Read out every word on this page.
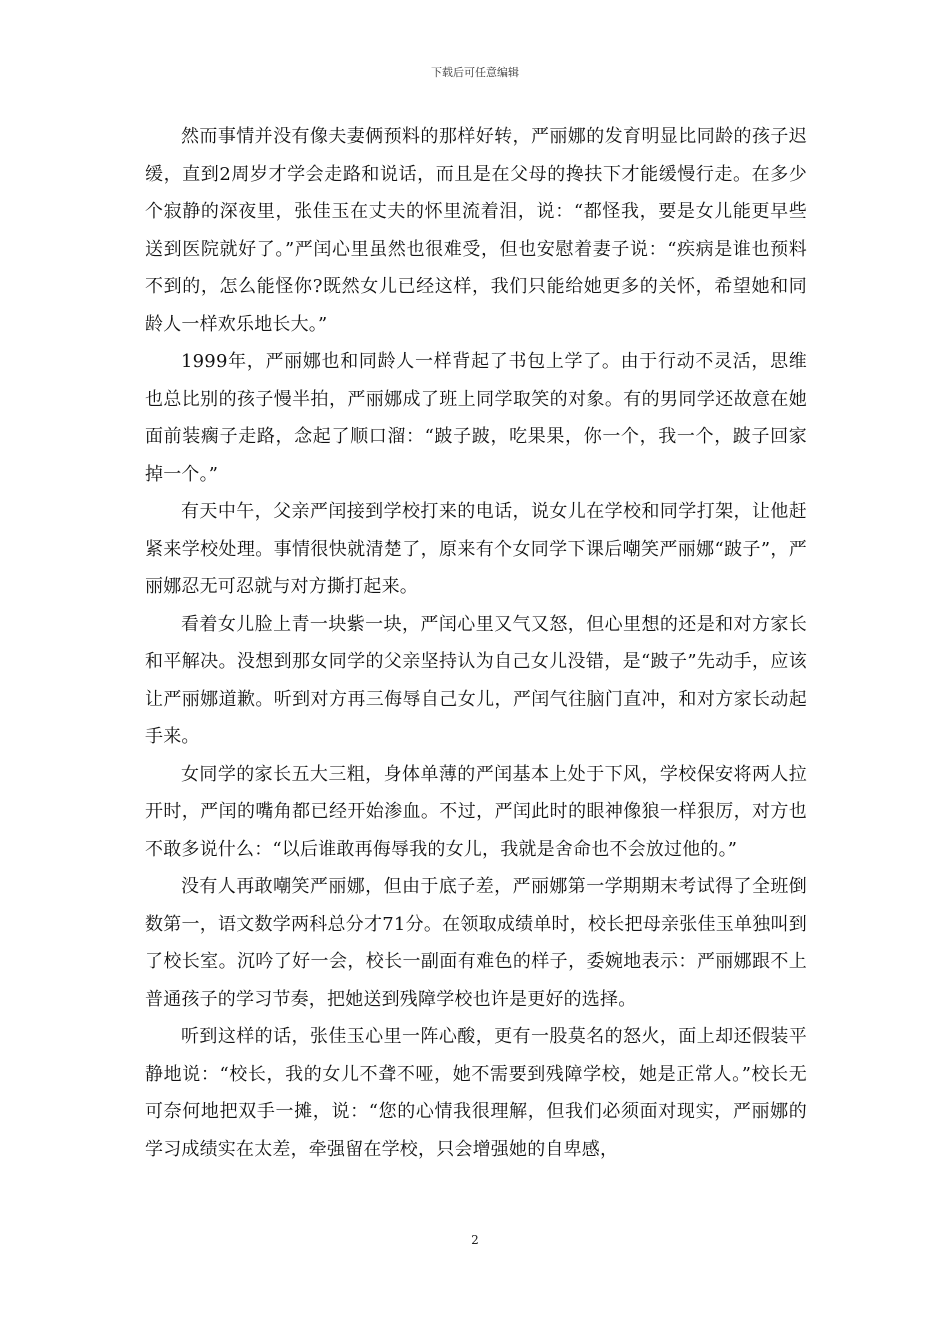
下载后可任意编辑

然而事情并没有像夫妻俩预料的那样好转，严丽娜的发育明显比同龄的孩子迟缓，直到2周岁才学会走路和说话，而且是在父母的搀扶下才能缓慢行走。在多少个寂静的深夜里，张佳玉在丈夫的怀里流着泪，说：“都怪我，要是女儿能更早些送到医院就好了。”严闰心里虽然也很难受，但也安慰着妻子说：“疾病是谁也预料不到的，怎么能怪你?既然女儿已经这样，我们只能给她更多的关怀，希望她和同龄人一样欢乐地长大。”

1999年，严丽娜也和同龄人一样背起了书包上学了。由于行动不灵活，思维也总比别的孩子慢半拍，严丽娜成了班上同学取笑的对象。有的男同学还故意在她面前装瘸子走路，念起了顺口溜：“跛子跛，吃果果，你一个，我一个，跛子回家掉一个。”

有天中午，父亲严闰接到学校打来的电话，说女儿在学校和同学打架，让他赶紧来学校处理。事情很快就清楚了，原来有个女同学下课后嘲笑严丽娜“跛子”，严丽娜忍无可忍就与对方撕打起来。

看着女儿脸上青一块紫一块，严闰心里又气又怒，但心里想的还是和对方家长和平解决。没想到那女同学的父亲坚持认为自己女儿没错，是“跛子”先动手，应该让严丽娜道歉。听到对方再三侮辱自己女儿，严闰气往脑门直冲，和对方家长动起手来。

女同学的家长五大三粗，身体单薄的严闰基本上处于下风，学校保安将两人拉开时，严闰的嘴角都已经开始渗血。不过，严闰此时的眼神像狼一样狠厉，对方也不敢多说什么：“以后谁敢再侮辱我的女儿，我就是舍命也不会放过他的。”

没有人再敢嘲笑严丽娜，但由于底子差，严丽娜第一学期期末考试得了全班倒数第一，语文数学两科总分才71分。在领取成绩单时，校长把母亲张佳玉单独叫到了校长室。沉吟了好一会，校长一副面有难色的样子，委婉地表示：严丽娜跟不上普通孩子的学习节奏，把她送到残障学校也许是更好的选择。

听到这样的话，张佳玉心里一阵心酸，更有一股莫名的怒火，面上却还假装平静地说：“校长，我的女儿不聋不哑，她不需要到残障学校，她是正常人。”校长无可奈何地把双手一摊，说：“您的心情我很理解，但我们必须面对现实，严丽娜的学习成绩实在太差，牵强留在学校，只会增强她的自卑感，

2
